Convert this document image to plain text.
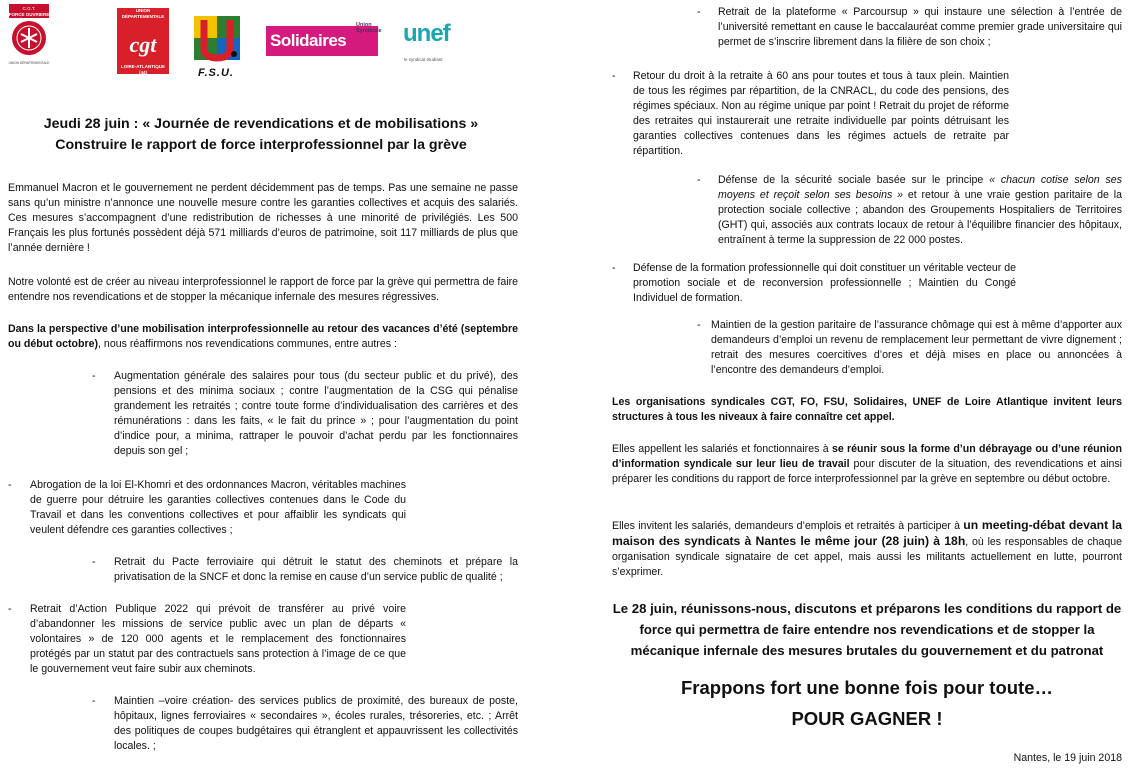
C.G.T.
FORCE OUVRIERE
UNION DÉPARTEMENTALE
UNION DÉPARTEMENTALE
cgt
LOIRE-ATLANTIQUE (44)	F.S.U.
Solidaires
Union Syndicale unef
le syndicat étudiant
Jeudi 28 juin : « Journée de revendications et de mobilisations »
Construire le rapport de force interprofessionnel par la grève

Emmanuel Macron et le gouvernement ne perdent décidemment pas de temps. Pas une semaine ne passe sans qu’un ministre n’annonce une nouvelle mesure contre les garanties collectives et acquis des salariés. Ces mesures s’accompagnent d’une redistribution de richesses à une minorité de privilégiés. Les 500 Français les plus fortunés possèdent déjà 571 milliards d’euros de patrimoine, soit 117 milliards de plus que l’année dernière !

Notre volonté est de créer au niveau interprofessionnel le rapport de force par la grève qui permettra de faire entendre nos revendications et de stopper la mécanique infernale des mesures régressives.

Dans la perspective d’une mobilisation interprofessionnelle au retour des vacances d’été (septembre ou début octobre), nous réaffirmons nos revendications communes, entre autres :

- Augmentation générale des salaires pour tous (du secteur public et du privé), des pensions et des minima sociaux ; contre l’augmentation de la CSG qui pénalise grandement les retraités ; contre toute forme d’individualisation des carrières et des rémunérations : dans les faits, « le fait du prince » ; pour l’augmentation du point d’indice pour, a minima, rattraper le pouvoir d’achat perdu par les fonctionnaires depuis son gel ;

- Abrogation de la loi El-Khomri et des ordonnances Macron, véritables machines de guerre pour détruire les garanties collectives contenues dans le Code du Travail et dans les conventions collectives et pour affaiblir les syndicats qui veulent défendre ces garanties collectives ;

- Retrait du Pacte ferroviaire qui détruit le statut des cheminots et prépare la privatisation de la SNCF et donc la remise en cause d’un service public de qualité ;

- Retrait d’Action Publique 2022 qui prévoit de transférer au privé voire d’abandonner les missions de service public avec un plan de départs « volontaires » de 120 000 agents et le remplacement des fonctionnaires protégés par un statut par des contractuels sans protection à l’image de ce que le gouvernement veut faire subir aux cheminots.

- Maintien –voire création- des services publics de proximité, des bureaux de poste, hôpitaux, lignes ferroviaires « secondaires », écoles rurales, trésoreries, etc. ; Arrêt des politiques de coupes budgétaires qui étranglent et appauvrissent les collectivités locales. ;

- Retrait de la plateforme « Parcoursup » qui instaure une sélection à l’entrée de l’université remettant en cause le baccalauréat comme premier grade universitaire qui permet de s’inscrire librement dans la filière de son choix ;

- Retour du droit à la retraite à 60 ans pour toutes et tous à taux plein. Maintien de tous les régimes par répartition, de la CNRACL, du code des pensions, des régimes spéciaux. Non au régime unique par point ! Retrait du projet de réforme des retraites qui instaurerait une retraite individuelle par points détruisant les garanties collectives contenues dans les régimes actuels de retraite par répartition.

- Défense de la sécurité sociale basée sur le principe « chacun cotise selon ses moyens et reçoit selon ses besoins » et retour à une vraie gestion paritaire de la protection sociale collective ; abandon des Groupements Hospitaliers de Territoires (GHT) qui, associés aux contrats locaux de retour à l’équilibre financier des hôpitaux, entraînent à terme la suppression de 22 000 postes.

- Défense de la formation professionnelle qui doit constituer un véritable vecteur de promotion sociale et de reconversion professionnelle ; Maintien du Congé Individuel de formation.

- Maintien de la gestion paritaire de l’assurance chômage qui est à même d’apporter aux demandeurs d’emploi un revenu de remplacement leur permettant de vivre dignement ; retrait des mesures coercitives d’ores et déjà mises en place ou annoncées à l’encontre des demandeurs d’emploi.

Les organisations syndicales CGT, FO, FSU, Solidaires, UNEF de Loire Atlantique invitent leurs structures à tous les niveaux à faire connaître cet appel.

Elles appellent les salariés et fonctionnaires à se réunir sous la forme d’un débrayage ou d’une réunion d’information syndicale sur leur lieu de travail pour discuter de la situation, des revendications et ainsi préparer les conditions du rapport de force interprofessionnel par la grève en septembre ou début octobre.

Elles invitent les salariés, demandeurs d’emplois et retraités à participer à un meeting-débat devant la maison des syndicats à Nantes le même jour (28 juin) à 18h, où les responsables de chaque organisation syndicale signataire de cet appel, mais aussi les militants actuellement en lutte, pourront s’exprimer.

Le 28 juin, réunissons-nous, discutons et préparons les conditions du rapport de force qui permettra de faire entendre nos revendications et de stopper la mécanique infernale des mesures brutales du gouvernement et du patronat

Frappons fort une bonne fois pour toute…

POUR GAGNER !

Nantes, le 19 juin 2018
